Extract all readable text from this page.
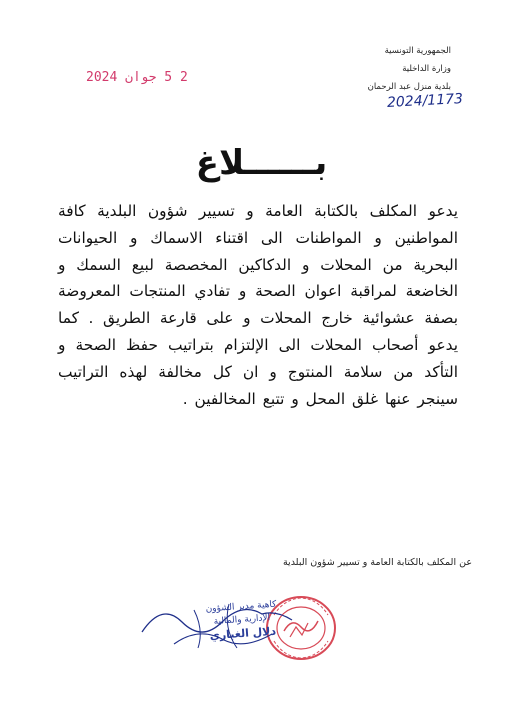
الجمهورية التونسية
وزارة الداخلية
بلدية منزل عبد الرحمان
2024/1173
2 5 جوان 2024
بــــــلاغ
يدعو المكلف بالكتابة العامة و تسيير شؤون البلدية كافة المواطنين و المواطنات الى اقتناء الاسماك و الحيوانات البحرية من المحلات و الدكاكين المخصصة لبيع السمك و الخاضعة لمراقبة اعوان الصحة و تفادي المنتجات المعروضة بصفة عشوائية خارج المحلات و على قارعة الطريق . كما يدعو أصحاب المحلات الى الإلتزام بتراتيب حفظ الصحة و التأكد من سلامة المنتوج و ان كل مخالفة لهذه التراتيب سينجر عنها غلق المحل و تتبع المخالفين .
عن المكلف بالكتابة العامة و تسيير شؤون البلدية
كاهية مدير الشؤون
الإدارية والمالية
دلال الغباري
